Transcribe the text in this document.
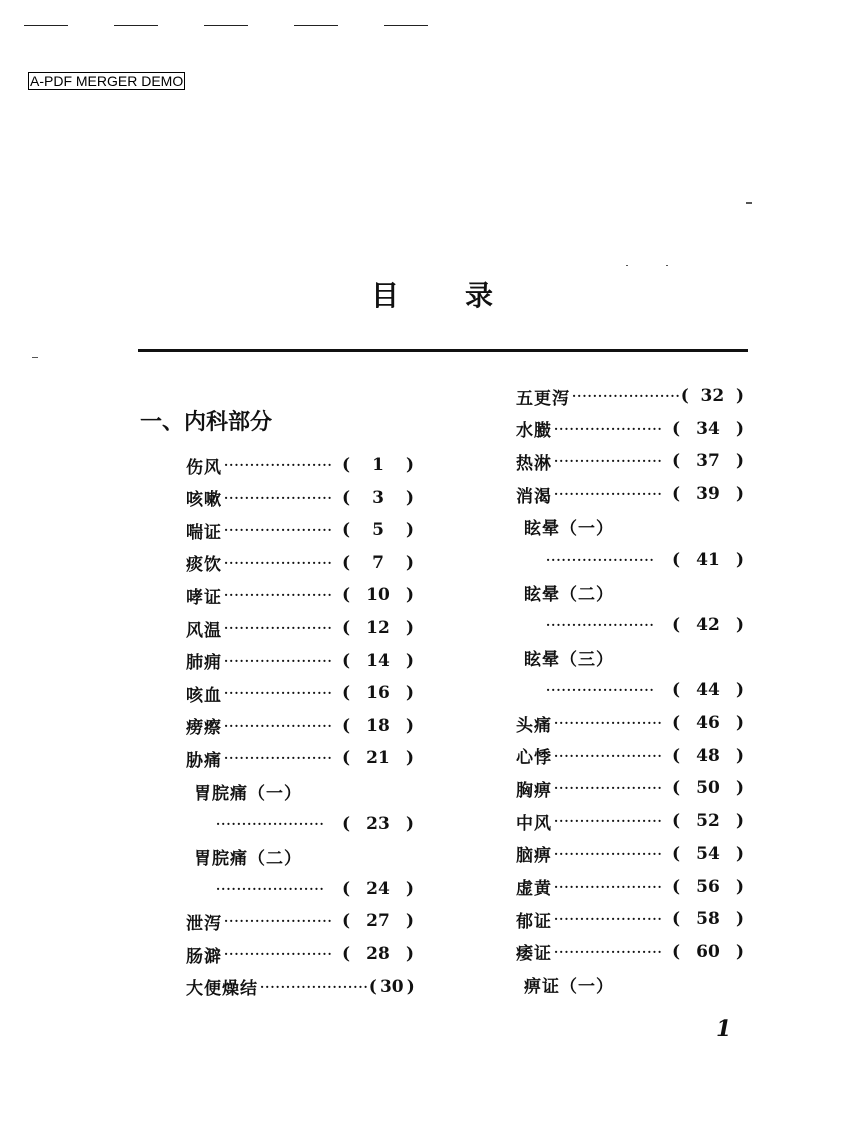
A-PDF MERGER DEMO
目 录
一、内科部分
伤风 ····················· (	1	)
咳嗽 ····················· (	3	)
喘证 ····················· (	5	)
痰饮 ····················· (	7	)
哮证 ····················· ( 10 )
风温 ····················· ( 12 )
肺痈 ····················· ( 14 )
咳血 ····················· ( 16 )
痨瘵 ····················· ( 18 )
胁痛 ····················· ( 21 )
胃脘痛（一）
·····················	( 23 )
胃脘痛（二）
·····················	( 24 )
泄泻 ····················· ( 27 )
肠澼 ····················· ( 28 )
大便燥结 ····················· ( 30 )
五更泻 ····················· ( 32 )
水臌 ····················· ( 34 )
热淋 ····················· ( 37 )
消渴 ····················· ( 39 )
眩晕（一）
·····················	( 41 )
眩晕（二）
·····················	( 42 )
眩晕（三）
·····················	( 44 )
头痛 ····················· ( 46 )
心悸 ····················· ( 48 )
胸痹 ····················· ( 50 )
中风 ····················· ( 52 )
脑痹 ····················· ( 54 )
虚黄 ····················· ( 56 )
郁证 ····················· ( 58 )
痿证 ····················· ( 60 )
痹证（一）
1
